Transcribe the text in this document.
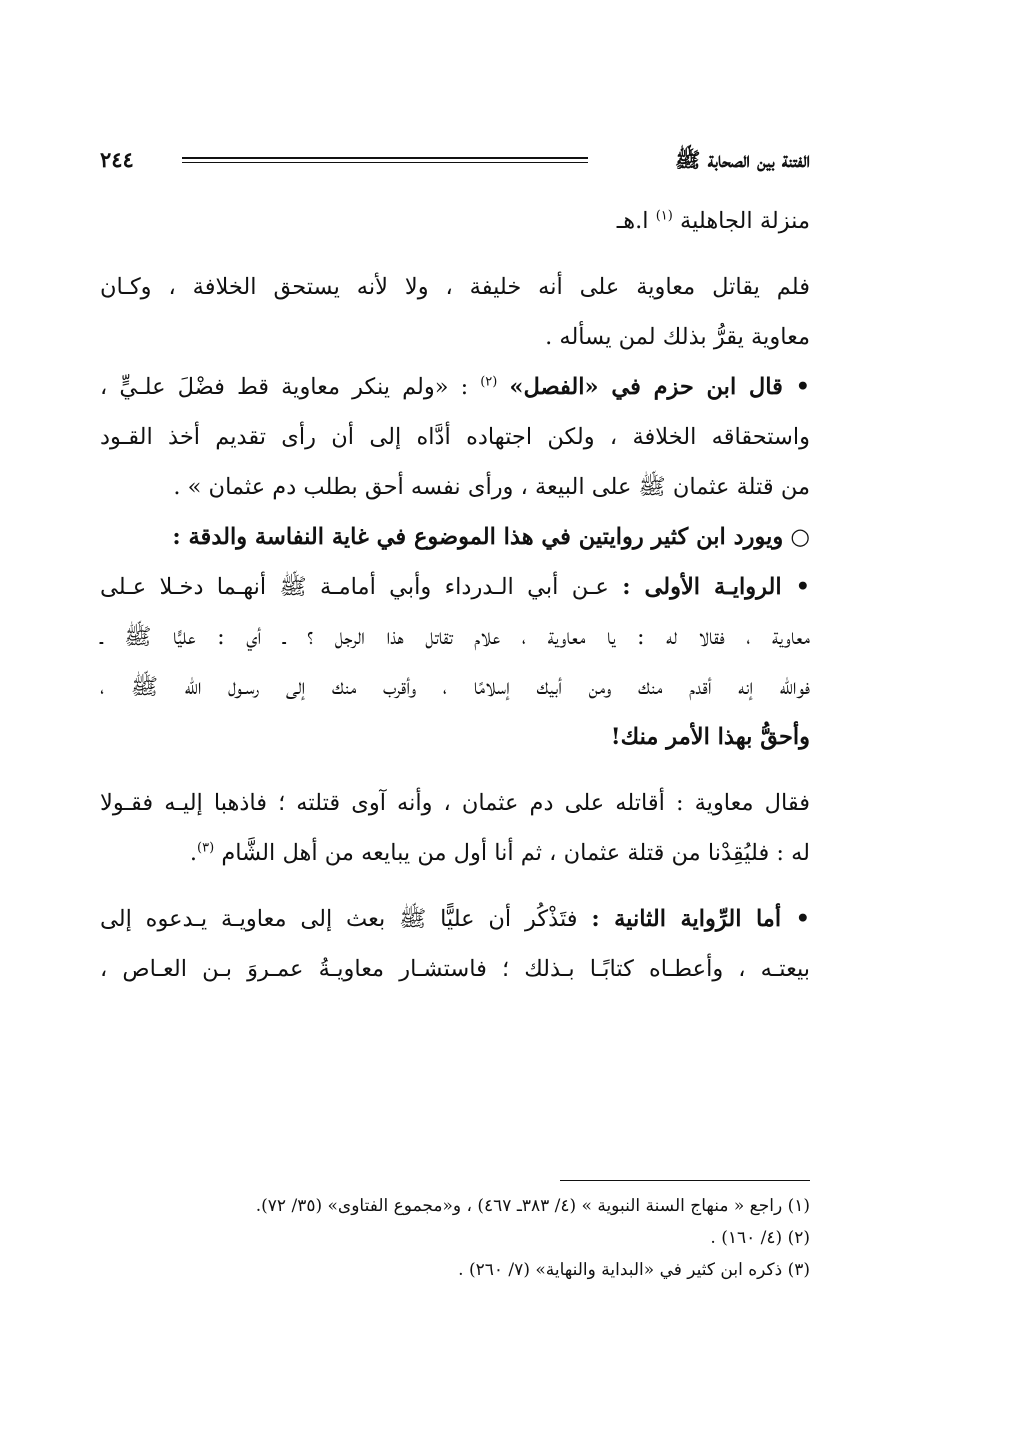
الفتنة بين الصحابة ﷺ
٢٤٤

منزلة الجاهلية $^{(١)}$ ا.هـ

فلم يقاتل معاوية على أنه خليفة ، ولا لأنه يستحق الخلافة ، وكـان

معاوية يقرُّ بذلك لمن يسأله .

• قال ابن حزم في «الفصل» $^{(٢)}$ : «ولم ينكر معاوية قط فضْلَ علـيٍّ ،

واستحقاقه الخلافة ، ولكن اجتهاده أدَّاه إلى أن رأى تقديم أخذ القـود

من قتلة عثمان ﷺ على البيعة ، ورأى نفسه أحق بطلب دم عثمان » .

○ ويورد ابن كثير روايتين في هذا الموضوع في غاية النفاسة والدقة :

• الروايـة الأولى : عـن أبي الـدرداء وأبي أمامـة ﷺ أنهـما دخـلا عـلى

معاوية ، فقالا له : يا معاوية ، علام تقاتل هذا الرجل ؟ ـ أي : عليًّا ﷺ ـ

فوالله إنه أقدم منك ومن أبيك إسلامًا ، وأقرب منك إلى رسـول الله ﷺ ،

وأحقُّ بهذا الأمر منك!

فقال معاوية : أقاتله على دم عثمان ، وأنه آوى قتلته ؛ فاذهبا إليـه فقـولا

له : فليُقِدْنا من قتلة عثمان ، ثم أنا أول من يبايعه من أهل الشَّام $^{(٣)}$.

• أما الرِّواية الثانية : فتَذْكُر أن عليًّا ﷺ بعث إلى معاويـة يـدعوه إلى

بيعتـه ، وأعطـاه كتابًـا بـذلك ؛ فاستشـار معاويـةُ عمـروَ بـن العـاص ،

(١) راجع « منهاج السنة النبوية » (٤/ ٣٨٣ـ ٤٦٧) ، و«مجموع الفتاوى» (٣٥/ ٧٢).

(٢) (٤/ ١٦٠) .

(٣) ذكره ابن كثير في «البداية والنهاية» (٧/ ٢٦٠) .
